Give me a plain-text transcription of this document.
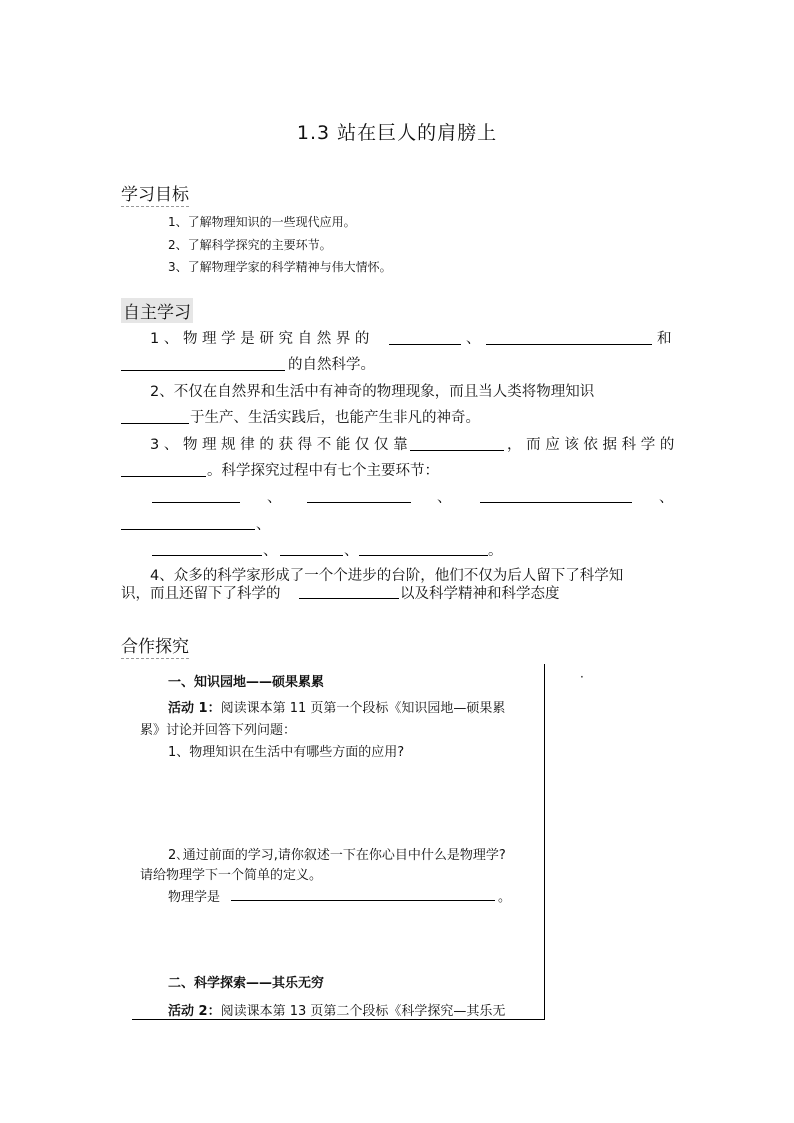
1.3 站在巨人的肩膀上
学习目标
1、了解物理知识的一些现代应用。
2、了解科学探究的主要环节。
3、了解物理学家的科学精神与伟大情怀。
自主学习
1 、 物 理 学 是 研 究 自 然 界 的	、	和
的自然科学。
2、不仅在自然界和生活中有神奇的物理现象，而且当人类将物理知识
于生产、生活实践后，也能产生非凡的神奇。
3 、 物 理 规 律 的 获 得 不 能 仅 仅 靠	， 而 应 该 依 据 科 学 的
。科学探究过程中有七个主要环节：
、	、	、
、
、	、	。
4、众多的科学家形成了一个个进步的台阶，他们不仅为后人留下了科学知
识，而且还留下了科学的	以及科学精神和科学态度
合作探究
·
一、知识园地——硕果累累
活动 1：阅读课本第 11 页第一个段标《知识园地—硕果累
累》讨论并回答下列问题：
1、物理知识在生活中有哪些方面的应用?
2､通过前面的学习,请你叙述一下在你心目中什么是物理学?
请给物理学下一个简单的定义。
物理学是	。
二、科学探索——其乐无穷
活动 2：阅读课本第 13 页第二个段标《科学探究—其乐无
